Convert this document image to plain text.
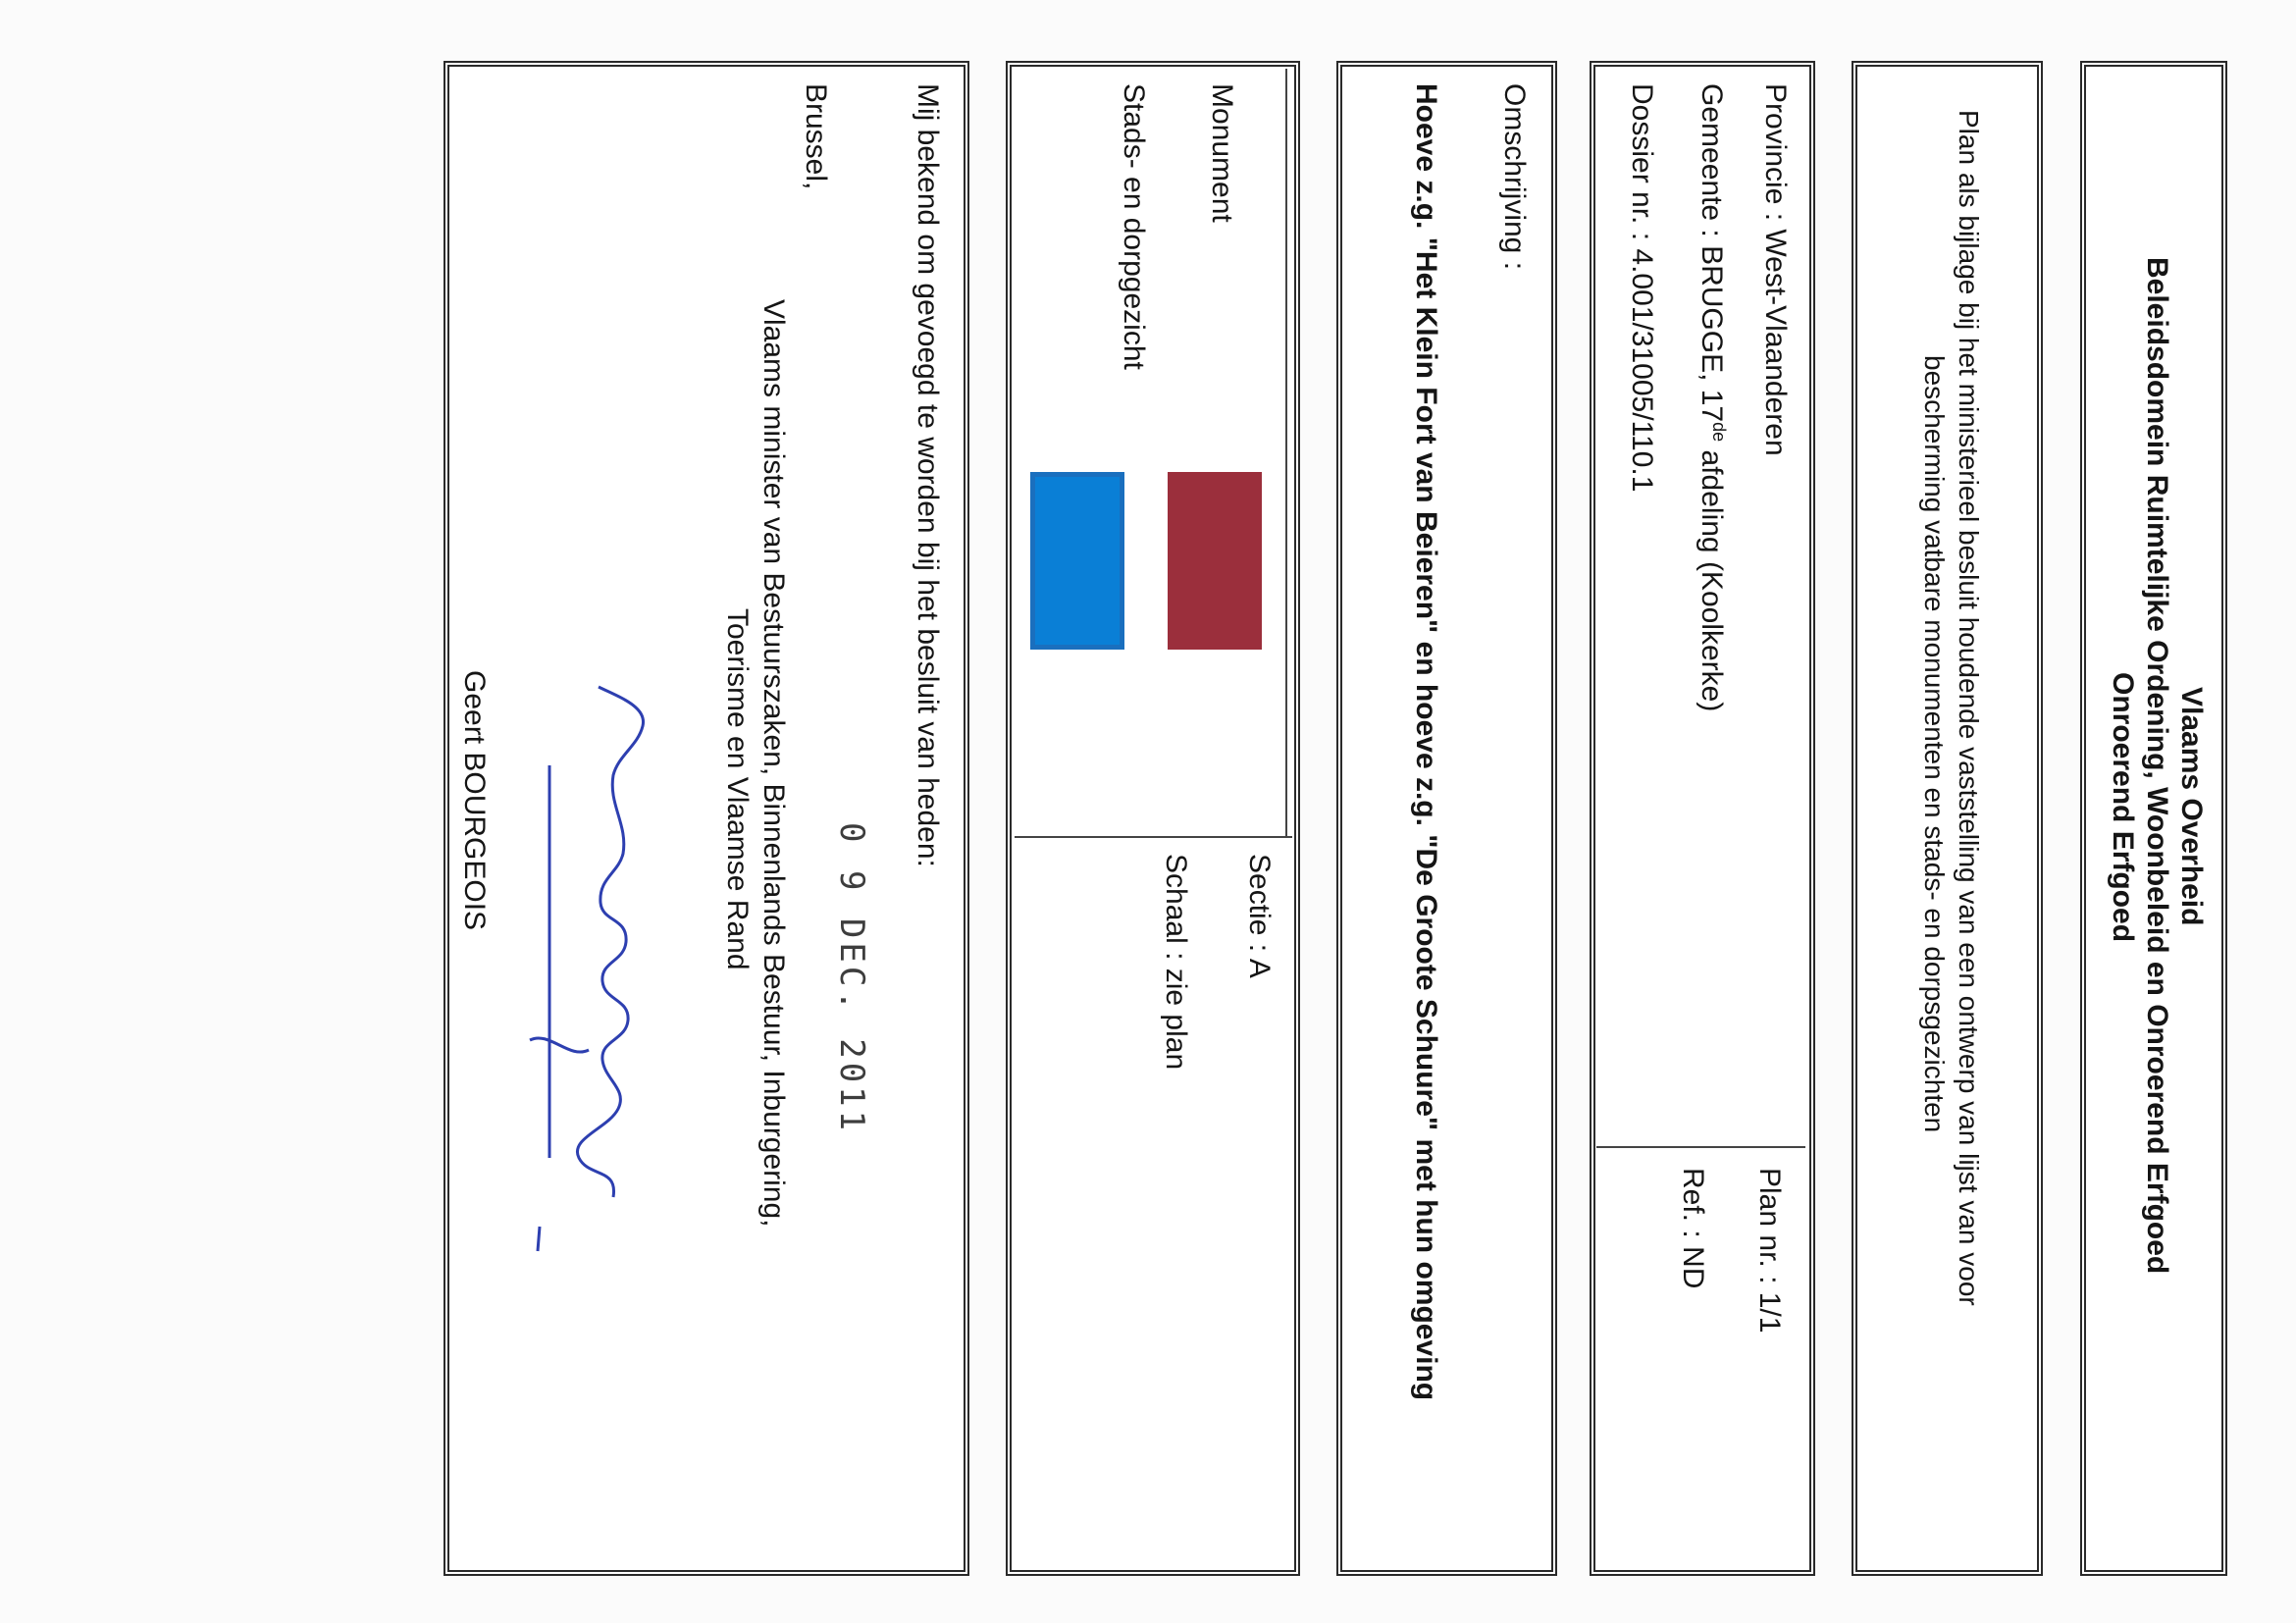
Vlaams Overheid
Beleidsdomein Ruimtelijke Ordening, Woonbeleid en Onroerend Erfgoed
Onroerend Erfgoed
Plan als bijlage bij het ministerieel besluit houdende vaststelling van een ontwerp van lijst van voor
bescherming vatbare monumenten en stads- en dorpsgezichten
Provincie : West-Vlaanderen
Gemeente : BRUGGE, 17de afdeling (Koolkerke)
Dossier nr. : 4.001/31005/110.1
Plan nr. : 1/1
Ref. : ND
Omschrijving :
Hoeve z.g. "Het Klein Fort van Beieren" en hoeve z.g. "De Groote Schuure" met hun omgeving
Monument
Stads- en dorpgezicht
Sectie : A
Schaal : zie plan
Mij bekend om gevoegd te worden bij het besluit van heden:
Brussel,
0 9 DEC. 2011
Vlaams minister van Bestuurszaken, Binnenlands Bestuur, Inburgering,
Toerisme en Vlaamse Rand
Geert BOURGEOIS
